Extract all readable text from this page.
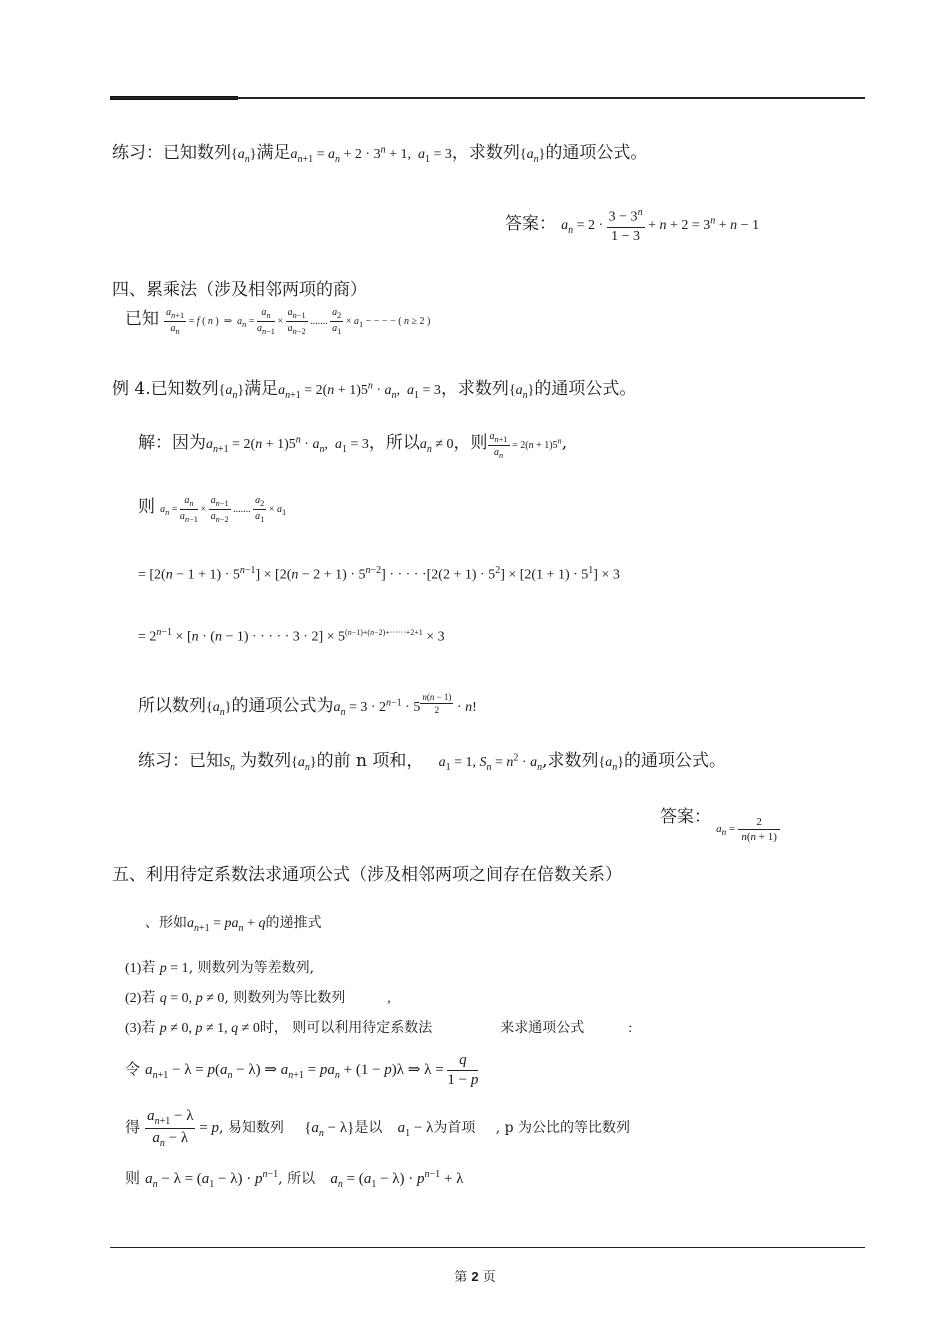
练习：已知数列$\{a_n\}$满足$a_{n+1} = a_n + 2 \cdot 3^n + 1$,  $a_1 = 3$，求数列$\{a_n\}$的通项公式。
答案： $a_n = 2 \cdot \frac{3 - 3^n}{1 - 3} + n + 2 = 3^n + n - 1$
四、累乘法（涉及相邻两项的商）
已知 $\frac{a_{n+1}}{a_n} = f$ ( n )  ⇒  $a_n = \frac{a_n}{a_{n-1}} \times \frac{a_{n-1}}{a_{n-2}}$ ....... $\frac{a_2}{a_1} \times a_1$ − − − − ( n ≥ 2 )
例 4.已知数列$\{a_n\}$满足$a_{n+1} = 2(n + 1)5^n \cdot a_n$,  $a_1 = 3$，求数列$\{a_n\}$的通项公式。
解：因为$a_{n+1} = 2(n + 1)5^n \cdot a_n$,  $a_1 = 3$，所以$a_n \ne 0$，则 $\frac{a_{n+1}}{a_n} = 2(n + 1)5^n$,
则 $a_n = \frac{a_n}{a_{n-1}} \times \frac{a_{n-1}}{a_{n-2}}$ ....... $\frac{a_2}{a_1} \times a_1$
= $[2(n - 1 + 1) \cdot 5^{n-1}] \times [2(n - 2 + 1) \cdot 5^{n-2}]$ · · · · $\cdot[2(2 + 1) \cdot 5^2] \times [2(1 + 1) \cdot 5^1] \times 3$
= $2^{n-1} \times [n \cdot (n - 1)$ · · · · · $3 \cdot 2] \times 5^{(n-1)+(n-2)+\cdot\cdot\cdot\cdot\cdot\cdot+2+1} \times 3$
所以数列$\{a_n\}$的通项公式为$a_n = 3 \cdot 2^{n-1} \cdot 5$ $^{\frac{n(n - 1)}{2}}$ · n!
练习：已知$S_n$ 为数列$\{a_n\}$的前 n 项和， $a_1 = 1$, $S_n = n^2 \cdot a_n$,求数列$\{a_n\}$的通项公式。
答案： $_{a_n = \frac{2}{n(n + 1)}}$
五、利用待定系数法求通项公式（涉及相邻两项之间存在倍数关系）
、形如$a_{n+1} = pa_n + q$的递推式
(1)若 p = 1, 则数列为等差数列,
(2)若 q = 0, p ≠ 0, 则数列为等比数列            ,
(3)若 p ≠ 0, p ≠ 1, q ≠ 0时， 则可以利用待定系数法	来求通项公式	:
令 $a_{n+1} - \lambda = p(a_n - \lambda)$ ⇒ $a_{n+1} = pa_n + (1 - p)\lambda$ ⇒ $\lambda = \frac{q}{1 - p}$
得 $\frac{a_{n+1} - \lambda}{a_n - \lambda} = p$, 易知数列 $\{a_n - \lambda\}$是以 $a_1 - \lambda$为首项 , p 为公比的等比数列
则 $a_n - \lambda = (a_1 - \lambda) \cdot p^{n-1}$, 所以 $a_n = (a_1 - \lambda) \cdot p^{n-1} + \lambda$
第 2 页
